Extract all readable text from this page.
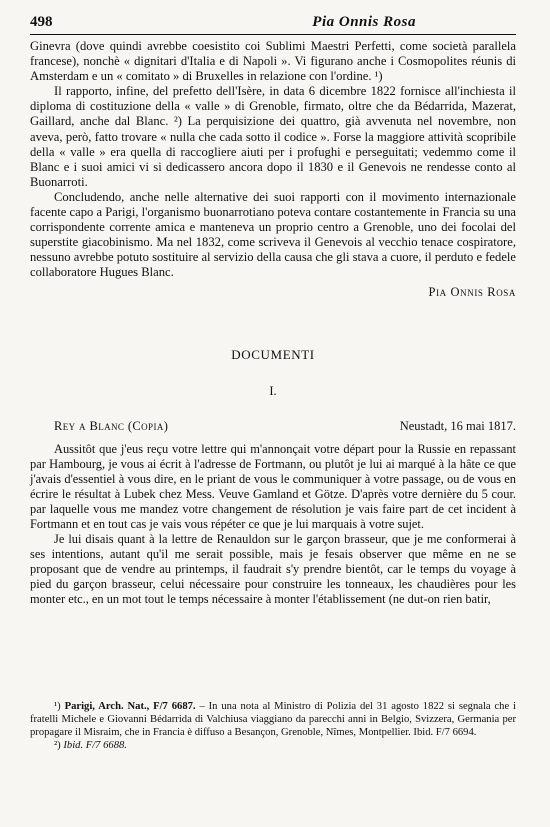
498	Pia Onnis Rosa

Ginevra (dove quindi avrebbe coesistito coi Sublimi Maestri Perfetti, come società parallela francese), nonchè « dignitari d'Italia e di Napoli ». Vi figurano anche i Cosmopolites réunis di Amsterdam e un « comitato » di Bruxelles in relazione con l'ordine. ¹)

Il rapporto, infine, del prefetto dell'Isère, in data 6 dicembre 1822 fornisce all'inchiesta il diploma di costituzione della « valle » di Grenoble, firmato, oltre che da Bédarrida, Mazerat, Gaillard, anche dal Blanc. ²) La perquisizione dei quattro, già avvenuta nel novembre, non aveva, però, fatto trovare « nulla che cada sotto il codice ». Forse la maggiore attività scopribile della « valle » era quella di raccogliere aiuti per i profughi e perseguitati; vedemmo come il Blanc e i suoi amici vi si dedicassero ancora dopo il 1830 e il Genevois ne rendesse conto al Buonarroti.

Concludendo, anche nelle alternative dei suoi rapporti con il movimento internazionale facente capo a Parigi, l'organismo buonarrotiano poteva contare costantemente in Francia su una corrispondente corrente amica e manteneva un proprio centro a Grenoble, uno dei focolai del superstite giacobinismo. Ma nel 1832, come scriveva il Genevois al vecchio tenace cospiratore, nessuno avrebbe potuto sostituire al servizio della causa che gli stava a cuore, il perduto e fedele collaboratore Hugues Blanc.

Pia Onnis Rosa
DOCUMENTI
I.
Rey a Blanc (Copia)	Neustadt, 16 mai 1817.

Aussitôt que j'eus reçu votre lettre qui m'annonçait votre départ pour la Russie en repassant par Hambourg, je vous ai écrit à l'adresse de Fortmann, ou plutôt je lui ai marqué à la hâte ce que j'avais d'essentiel à vous dire, en le priant de vous le communiquer à votre passage, ou de vous en écrire le résultat à Lubek chez Mess. Veuve Gamland et Götze. D'après votre dernière du 5 cour. par laquelle vous me mandez votre changement de résolution je vais faire part de cet incident à Fortmann et en tout cas je vais vous répéter ce que je lui marquais à votre sujet.

Je lui disais quant à la lettre de Renauldon sur le garçon brasseur, que je me conformerai à ses intentions, autant qu'il me serait possible, mais je fesais observer que même en ne se proposant que de vendre au printemps, il faudrait s'y prendre bientôt, car le temps du voyage à pied du garçon brasseur, celui nécessaire pour construire les tonneaux, les chaudières pour les monter etc., en un mot tout le temps nécessaire à monter l'établissement (ne dut-on rien batir,

¹) Parigi, Arch. Nat., F/7 6687. – In una nota al Ministro di Polizia del 31 agosto 1822 si segnala che i fratelli Michele e Giovanni Bédarrida di Valchiusa viaggiano da parecchi anni in Belgio, Svizzera, Germania per propagare il Misraim, che in Francia è diffuso a Besançon, Grenoble, Nîmes, Montpellier. Ibid. F/7 6694.

²) Ibid. F/7 6688.
